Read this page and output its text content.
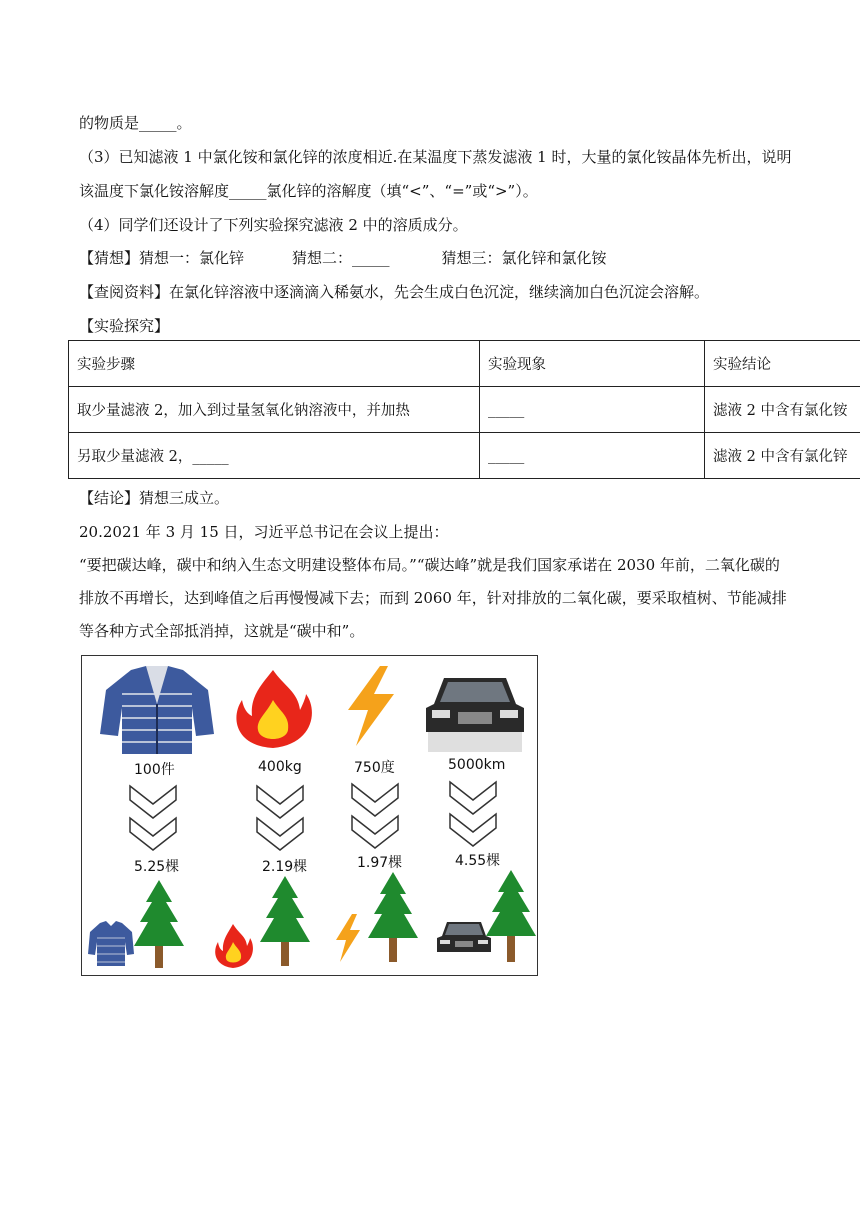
的物质是_____。
（3）已知滤液 1 中氯化铵和氯化锌的浓度相近.在某温度下蒸发滤液 1 时，大量的氯化铵晶体先析出，说明
该温度下氯化铵溶解度_____氯化锌的溶解度（填“<”、“=”或“>”）。
（4）同学们还设计了下列实验探究滤液 2 中的溶质成分。
【猜想】猜想一：氯化锌	猜想二：_____	猜想三：氯化锌和氯化铵
【查阅资料】在氯化锌溶液中逐滴滴入稀氨水，先会生成白色沉淀，继续滴加白色沉淀会溶解。
【实验探究】
实验步骤	实验现象	实验结论
取少量滤液 2，加入到过量氢氧化钠溶液中，并加热	_____	滤液 2 中含有氯化铵
另取少量滤液 2，_____	_____	滤液 2 中含有氯化锌
【结论】猜想三成立。
20.2021 年 3 月 15 日，习近平总书记在会议上提出：
“要把碳达峰，碳中和纳入生态文明建设整体布局。”“碳达峰”就是我们国家承诺在 2030 年前，二氧化碳的
排放不再增长，达到峰值之后再慢慢减下去；而到 2060 年，针对排放的二氧化碳，要采取植树、节能减排
等各种方式全部抵消掉，这就是“碳中和”。
100件	400kg	750度	5000km
5.25棵	2.19棵	1.97棵	4.55棵
